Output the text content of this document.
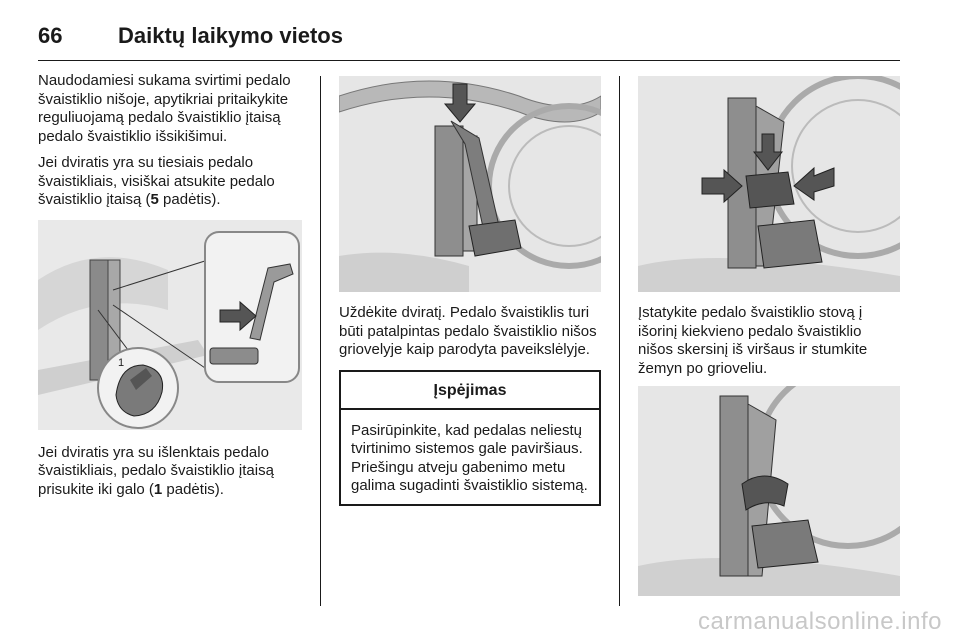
66	Daiktų laikymo vietos

Naudodamiesi sukama svirtimi pedalo švaistiklio nišoje, apytikriai pritaikykite reguliuojamą pedalo švaistiklio įtaisą pedalo švaistiklio išsikišimui.

Jei dviratis yra su tiesiais pedalo švaistikliais, visiškai atsukite pedalo švaistiklio įtaisą (5 padėtis).

1

Jei dviratis yra su išlenktais pedalo švaistikliais, pedalo švaistiklio įtaisą prisukite iki galo (1 padėtis).

Uždėkite dviratį. Pedalo švaistiklis turi būti patalpintas pedalo švaistiklio nišos griovelyje kaip parodyta paveikslėlyje.

Įspėjimas
Pasirūpinkite, kad pedalas neliestų tvirtinimo sistemos gale paviršiaus. Priešingu atveju gabenimo metu galima sugadinti švaistiklio sistemą.

Įstatykite pedalo švaistiklio stovą į išorinį kiekvieno pedalo švaistiklio nišos skersinį iš viršaus ir stumkite žemyn po grioveliu.

carmanualsonline.info
